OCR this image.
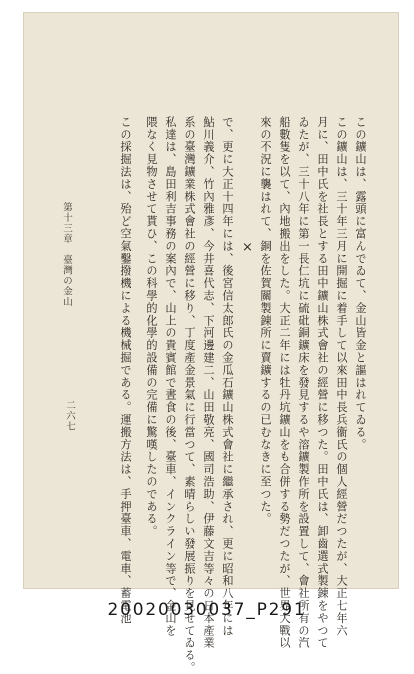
この鑛山は、露頭に富んでゐて、金山皆金と謳はれてゐる。
この鑛山は、三十年三月に開掘に着手して以來田中長兵衞氏の個人經營だつたが、大正七年六
月に、田中氏を社長とする田中鑛山株式會社の經營に移つた。田中氏は、卸齒選式製錬をやつて
ゐたが、三十八年に第一長仁坑に硫砒銅鑛床を發見するや溶鑛製作所を設置して、會社所有の汽
船數隻を以て、內地搬出をした。大正二年には牡丹坑鑛山をも合併する勢だつたが、世界大戰以
來の不況に襲はれて、銅を佐賀關製錬所に賣鑛するの已むなきに至つた。
×
で、更に大正十四年には、後宮信太郎氏の金瓜石鑛山株式會社に繼承され、更に昭和八年には
鮎川義介、竹內雅彥、今井喜代志、下河邊建二、山田敬亮、國司浩助、伊藤文吉等々の日本產業
系の臺灣鑛業株式會社の經營に移り、丁度產金景氣に行當つて、素晴らしい發展振りを見せてゐる。
私達は、島田利吉事務の案內で、山上の貴賓館で晝食の後、臺車、インクライン等で、金山を
隈なく見物させて貰ひ、この科學的化學的設備の完備に驚嘆したのである。
この採掘法は、殆ど空氣鑿撥機による機械掘である。運搬方法は、手押臺車、電車、蓄電池
第十三章　臺灣の金山
二六七
20020030037_P291
